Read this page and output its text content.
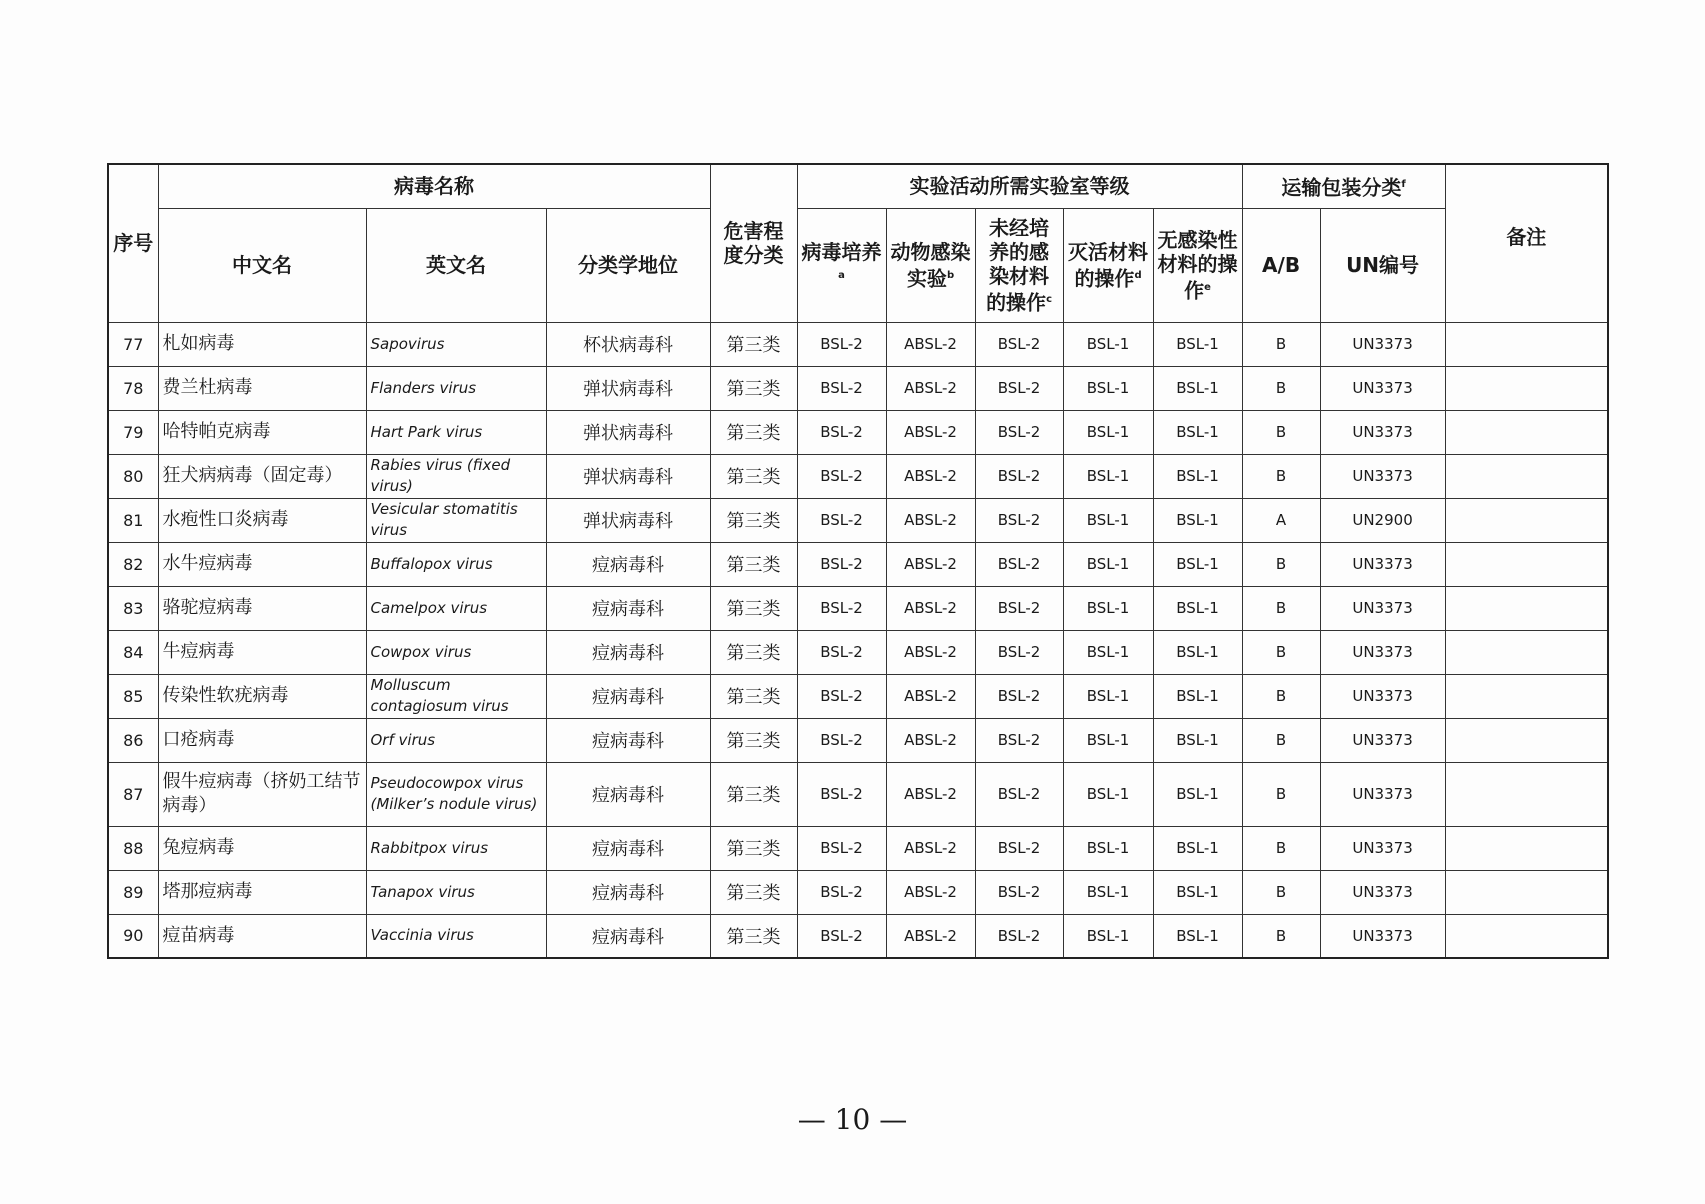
序号	病毒名称			危害程度分类	实验活动所需实验室等级					运输包装分类$^f$		备注
	中文名	英文名	分类学地位		病毒培养$^a$	动物感染实验$^b$	未经培养的感染材料的操作$^c$	灭活材料的操作$^d$	无感染性材料的操作$^e$	A/B	UN编号	
77	札如病毒	Sapovirus	杯状病毒科	第三类	BSL-2	ABSL-2	BSL-2	BSL-1	BSL-1	B	UN3373	
78	费兰杜病毒	Flanders virus	弹状病毒科	第三类	BSL-2	ABSL-2	BSL-2	BSL-1	BSL-1	B	UN3373	
79	哈特帕克病毒	Hart Park virus	弹状病毒科	第三类	BSL-2	ABSL-2	BSL-2	BSL-1	BSL-1	B	UN3373	
80	狂犬病病毒（固定毒）	Rabies virus (fixed virus)	弹状病毒科	第三类	BSL-2	ABSL-2	BSL-2	BSL-1	BSL-1	B	UN3373	
81	水疱性口炎病毒	Vesicular stomatitis virus	弹状病毒科	第三类	BSL-2	ABSL-2	BSL-2	BSL-1	BSL-1	A	UN2900	
82	水牛痘病毒	Buffalopox virus	痘病毒科	第三类	BSL-2	ABSL-2	BSL-2	BSL-1	BSL-1	B	UN3373	
83	骆驼痘病毒	Camelpox virus	痘病毒科	第三类	BSL-2	ABSL-2	BSL-2	BSL-1	BSL-1	B	UN3373	
84	牛痘病毒	Cowpox virus	痘病毒科	第三类	BSL-2	ABSL-2	BSL-2	BSL-1	BSL-1	B	UN3373	
85	传染性软疣病毒	Molluscum contagiosum virus	痘病毒科	第三类	BSL-2	ABSL-2	BSL-2	BSL-1	BSL-1	B	UN3373	
86	口疮病毒	Orf virus	痘病毒科	第三类	BSL-2	ABSL-2	BSL-2	BSL-1	BSL-1	B	UN3373	
87	假牛痘病毒（挤奶工结节病毒）	Pseudocowpox virus (Milker’s nodule virus)	痘病毒科	第三类	BSL-2	ABSL-2	BSL-2	BSL-1	BSL-1	B	UN3373	
88	兔痘病毒	Rabbitpox virus	痘病毒科	第三类	BSL-2	ABSL-2	BSL-2	BSL-1	BSL-1	B	UN3373	
89	塔那痘病毒	Tanapox virus	痘病毒科	第三类	BSL-2	ABSL-2	BSL-2	BSL-1	BSL-1	B	UN3373	
90	痘苗病毒	Vaccinia virus	痘病毒科	第三类	BSL-2	ABSL-2	BSL-2	BSL-1	BSL-1	B	UN3373	
— 10 —
